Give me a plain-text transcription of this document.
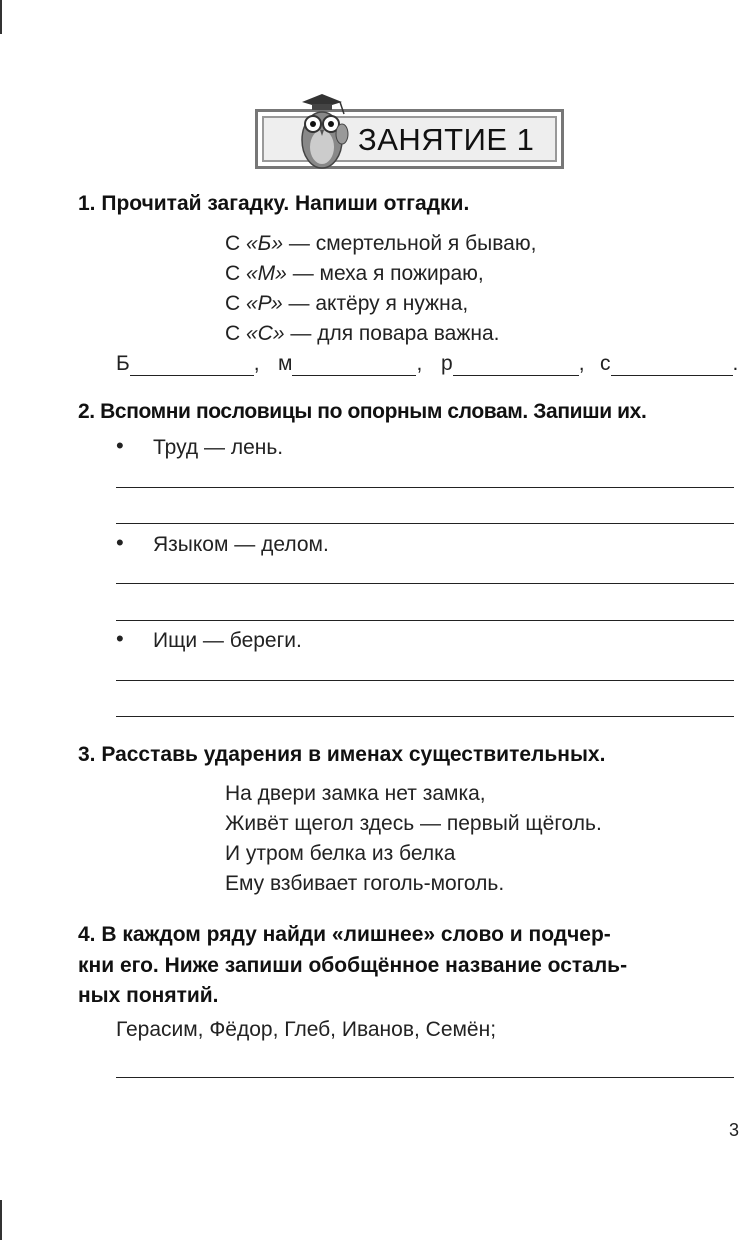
ЗАНЯТИЕ 1
1. Прочитай загадку. Напиши отгадки.
С «Б» — смертельной я бываю,
С «М» — меха я пожираю,
С «Р» — актёру я нужна,
С «С» — для повара важна.
Б	, м	, р	, с	.
2. Вспомни пословицы по опорным словам. Запиши их.
• Труд — лень.
• Языком — делом.
• Ищи — береги.
3. Расставь ударения в именах существительных.
На двери замка нет замка,
Живёт щегол здесь — первый щёголь.
И утром белка из белка
Ему взбивает гоголь-моголь.
4. В каждом ряду найди «лишнее» слово и подчер-
кни его. Ниже запиши обобщённое название осталь-
ных понятий.
Герасим, Фёдор, Глеб, Иванов, Семён;
3
